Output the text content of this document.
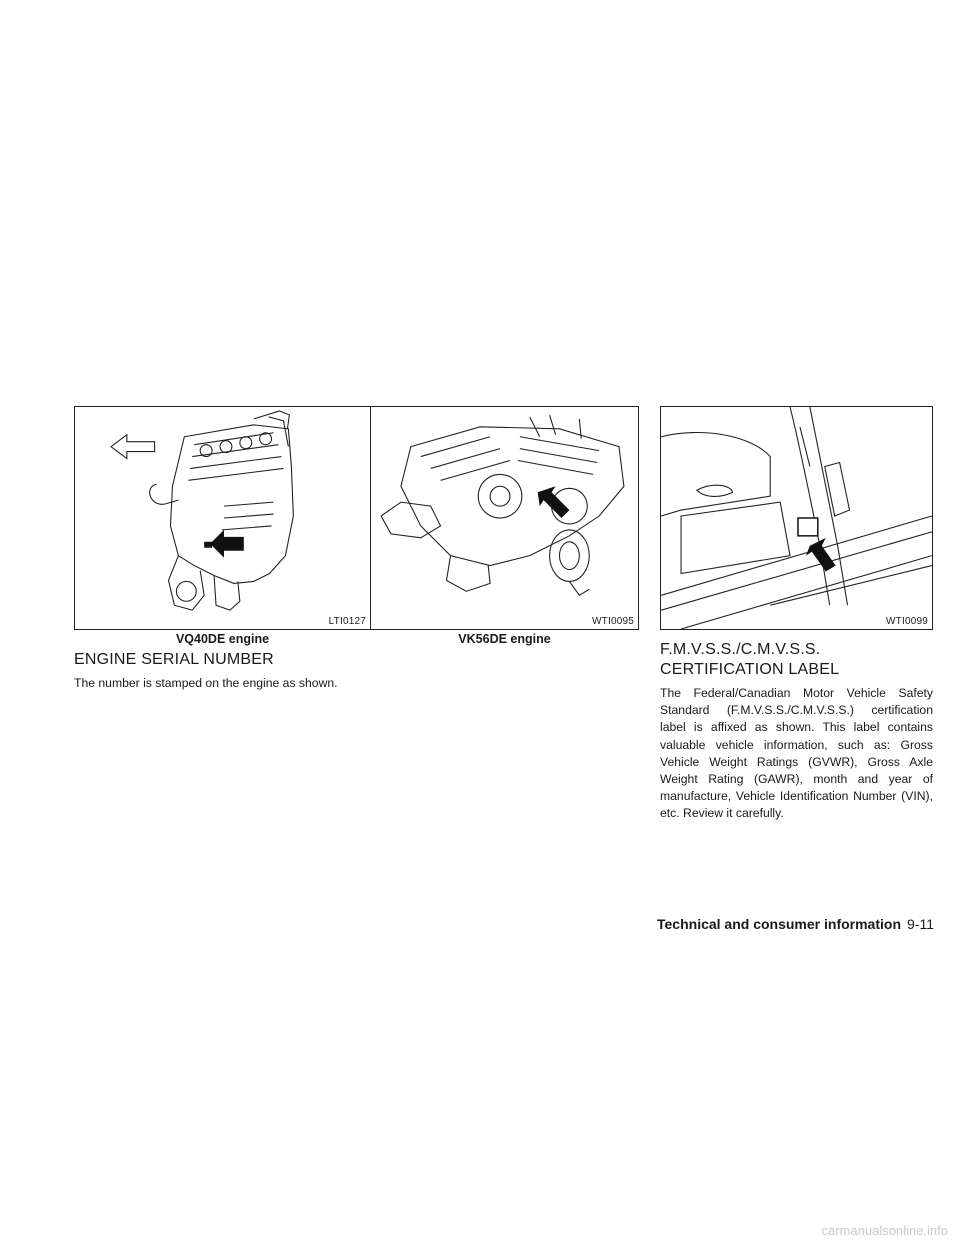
LTI0127
VQ40DE engine
WTI0095
VK56DE engine
WTI0099
ENGINE SERIAL NUMBER

The number is stamped on the engine as shown.

F.M.V.S.S./C.M.V.S.S.
CERTIFICATION LABEL

The Federal/Canadian Motor Vehicle Safety Standard (F.M.V.S.S./C.M.V.S.S.) certification label is affixed as shown. This label contains valuable vehicle information, such as: Gross Vehicle Weight Ratings (GVWR), Gross Axle Weight Rating (GAWR), month and year of manufacture, Vehicle Identification Number (VIN), etc. Review it carefully.

Technical and consumer information 9-11
carmanualsonline.info
